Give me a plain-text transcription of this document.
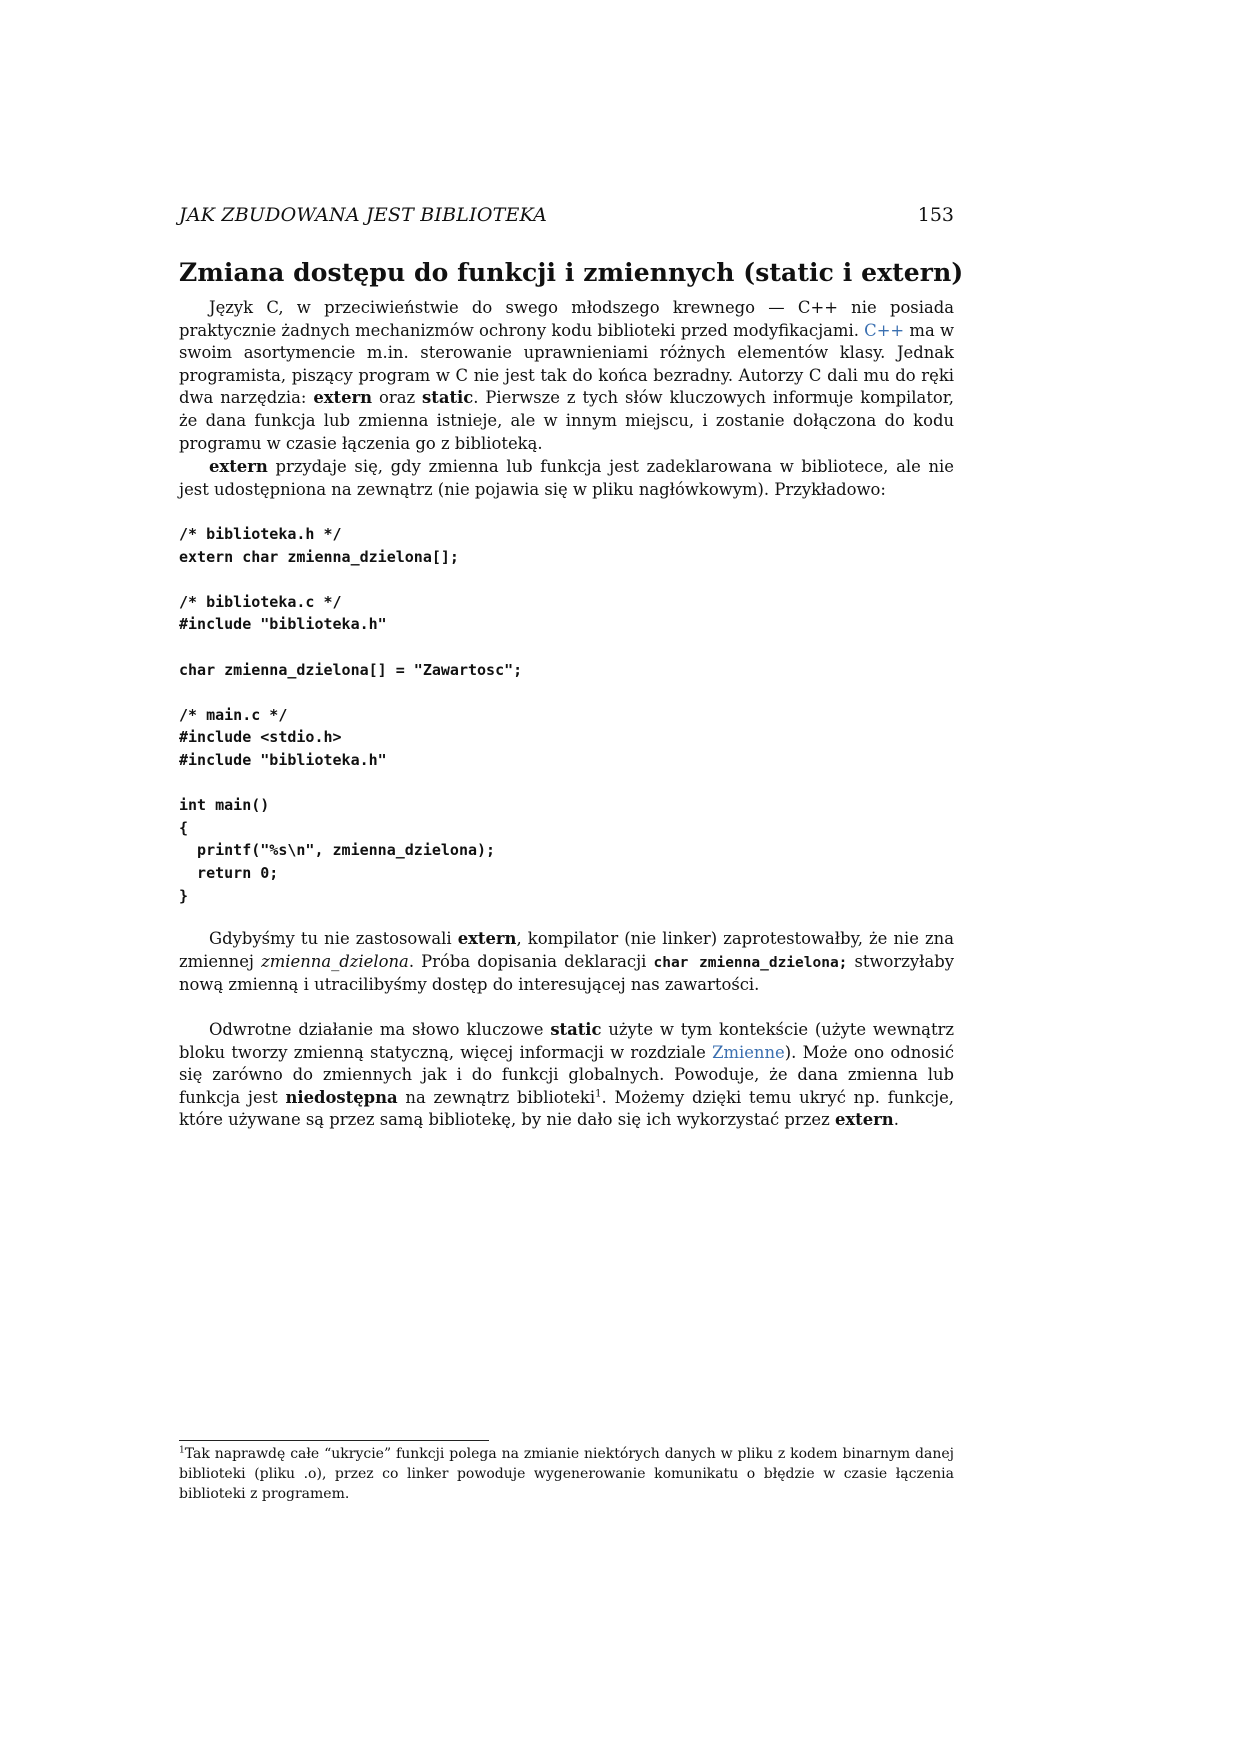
JAK ZBUDOWANA JEST BIBLIOTEKA	153
Zmiana dostępu do funkcji i zmiennych (static i extern)

Język C, w przeciwieństwie do swego młodszego krewnego — C++ nie posiada praktycznie żadnych mechanizmów ochrony kodu biblioteki przed modyfikacjami. C++ ma w swoim asortymencie m.in. sterowanie uprawnieniami różnych elementów klasy. Jednak programista, piszący program w C nie jest tak do końca bezradny. Autorzy C dali mu do ręki dwa narzędzia: extern oraz static. Pierwsze z tych słów kluczowych informuje kompilator, że dana funkcja lub zmienna istnieje, ale w innym miejscu, i zostanie dołączona do kodu programu w czasie łączenia go z biblioteką.

extern przydaje się, gdy zmienna lub funkcja jest zadeklarowana w bibliotece, ale nie jest udostępniona na zewnątrz (nie pojawia się w pliku nagłówkowym). Przykładowo:

/* biblioteka.h */
extern char zmienna_dzielona[];

/* biblioteka.c */
#include "biblioteka.h"

char zmienna_dzielona[] = "Zawartosc";

/* main.c */
#include <stdio.h>
#include "biblioteka.h"

int main()
{
printf("%s\n", zmienna_dzielona);
return 0;
}

Gdybyśmy tu nie zastosowali extern, kompilator (nie linker) zaprotestowałby, że nie zna zmiennej zmienna_dzielona. Próba dopisania deklaracji char zmienna_dzielona; stworzyłaby nową zmienną i utracilibyśmy dostęp do interesującej nas zawartości.

Odwrotne działanie ma słowo kluczowe static użyte w tym kontekście (użyte wewnątrz bloku tworzy zmienną statyczną, więcej informacji w rozdziale Zmienne). Może ono odnosić się zarówno do zmiennych jak i do funkcji globalnych. Powoduje, że dana zmienna lub funkcja jest niedostępna na zewnątrz biblioteki$^1$. Możemy dzięki temu ukryć np. funkcje, które używane są przez samą bibliotekę, by nie dało się ich wykorzystać przez extern.

$^1$Tak naprawdę całe “ukrycie” funkcji polega na zmianie niektórych danych w pliku z kodem binarnym danej biblioteki (pliku .o), przez co linker powoduje wygenerowanie komunikatu o błędzie w czasie łączenia biblioteki z programem.
